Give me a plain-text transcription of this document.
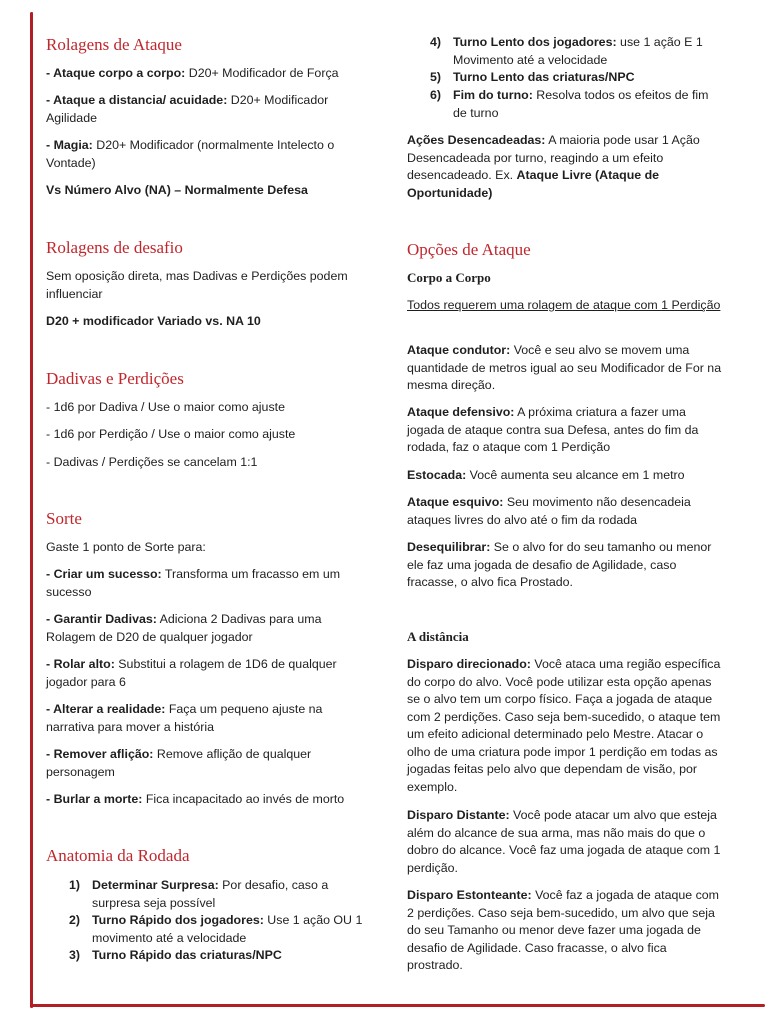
Rolagens de Ataque

- Ataque corpo a corpo: D20+ Modificador de Força

- Ataque a distancia/ acuidade: D20+ Modificador Agilidade

- Magia: D20+ Modificador (normalmente Intelecto o Vontade)

Vs Número Alvo (NA) – Normalmente Defesa

Rolagens de desafio

Sem oposição direta, mas Dadivas e Perdições podem influenciar

D20 + modificador Variado vs. NA 10

Dadivas e Perdições

- 1d6 por Dadiva / Use o maior como ajuste

- 1d6 por Perdição / Use o maior como ajuste

- Dadivas / Perdições se cancelam 1:1

Sorte

Gaste 1 ponto de Sorte para:

- Criar um sucesso: Transforma um fracasso em um sucesso

- Garantir Dadivas: Adiciona 2 Dadivas para uma Rolagem de D20 de qualquer jogador

- Rolar alto: Substitui a rolagem de 1D6 de qualquer jogador para 6

- Alterar a realidade: Faça um pequeno ajuste na narrativa para mover a história

- Remover aflição: Remove aflição de qualquer personagem

- Burlar a morte: Fica incapacitado ao invés de morto

Anatomia da Rodada
1) Determinar Surpresa: Por desafio, caso a surpresa seja possível
2) Turno Rápido dos jogadores: Use 1 ação OU 1 movimento até a velocidade
3) Turno Rápido das criaturas/NPC
4) Turno Lento dos jogadores: use 1 ação E 1 Movimento até a velocidade
5) Turno Lento das criaturas/NPC
6) Fim do turno: Resolva todos os efeitos de fim de turno

Ações Desencadeadas: A maioria pode usar 1 Ação Desencadeada por turno, reagindo a um efeito desencadeado. Ex. Ataque Livre (Ataque de Oportunidade)

Opções de Ataque
Corpo a Corpo

Todos requerem uma rolagem de ataque com 1 Perdição

Ataque condutor: Você e seu alvo se movem uma quantidade de metros igual ao seu Modificador de For na mesma direção.

Ataque defensivo: A próxima criatura a fazer uma jogada de ataque contra sua Defesa, antes do fim da rodada, faz o ataque com 1 Perdição

Estocada: Você aumenta seu alcance em 1 metro

Ataque esquivo: Seu movimento não desencadeia ataques livres do alvo até o fim da rodada

Desequilibrar: Se o alvo for do seu tamanho ou menor ele faz uma jogada de desafio de Agilidade, caso fracasse, o alvo fica Prostado.

A distância

Disparo direcionado: Você ataca uma região específica do corpo do alvo. Você pode utilizar esta opção apenas se o alvo tem um corpo físico. Faça a jogada de ataque com 2 perdições. Caso seja bem-sucedido, o ataque tem um efeito adicional determinado pelo Mestre. Atacar o olho de uma criatura pode impor 1 perdição em todas as jogadas feitas pelo alvo que dependam de visão, por exemplo.

Disparo Distante: Você pode atacar um alvo que esteja além do alcance de sua arma, mas não mais do que o dobro do alcance. Você faz uma jogada de ataque com 1 perdição.

Disparo Estonteante: Você faz a jogada de ataque com 2 perdições. Caso seja bem-sucedido, um alvo que seja do seu Tamanho ou menor deve fazer uma jogada de desafio de Agilidade. Caso fracasse, o alvo fica prostrado.
